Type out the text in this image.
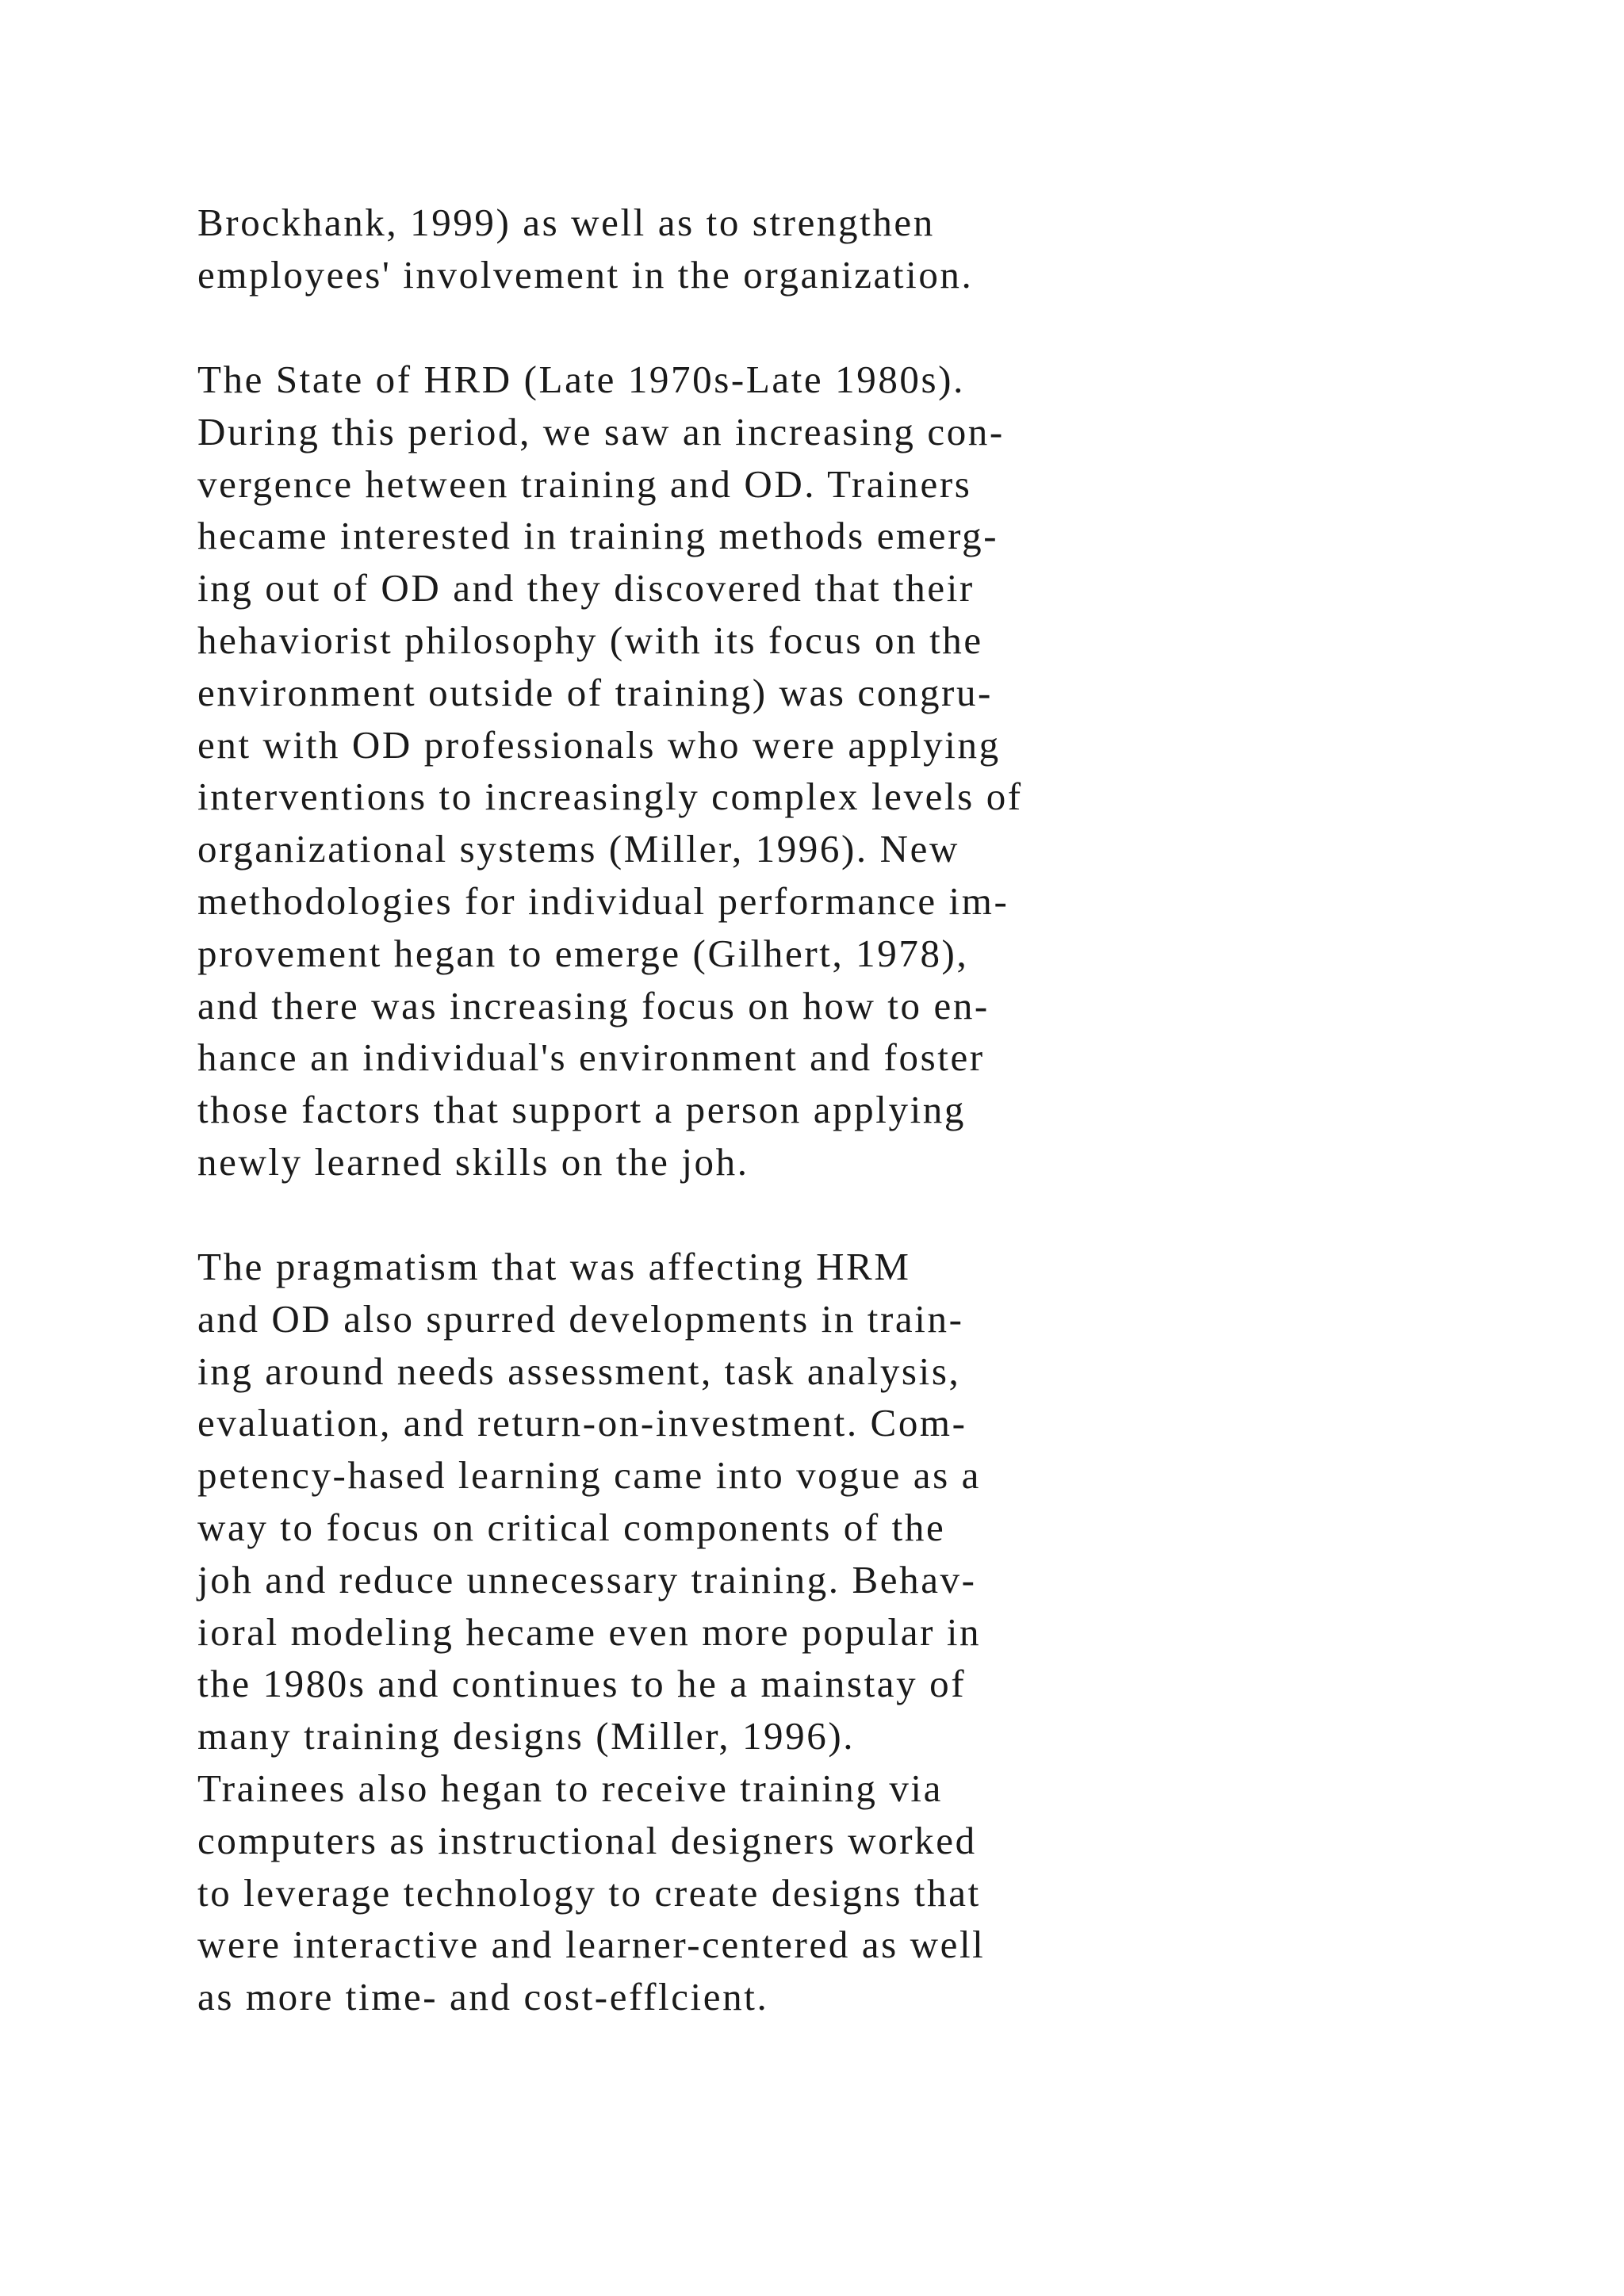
Brockhank, 1999) as well as to strengthen
employees' involvement in the organization.
The State of HRD (Late 1970s-Late 1980s).
During this period, we saw an increasing con-
vergence hetween training and OD. Trainers
hecame interested in training methods emerg-
ing out of OD and they discovered that their
hehaviorist philosophy (with its focus on the
environment outside of training) was congru-
ent with OD professionals who were applying
interventions to increasingly complex levels of
organizational systems (Miller, 1996). New
methodologies for individual performance im-
provement hegan to emerge (Gilhert, 1978),
and there was increasing focus on how to en-
hance an individual's environment and foster
those factors that support a person applying
newly learned skills on the joh.
The pragmatism that was affecting HRM
and OD also spurred developments in train-
ing around needs assessment, task analysis,
evaluation, and return-on-investment. Com-
petency-hased learning came into vogue as a
way to focus on critical components of the
joh and reduce unnecessary training. Behav-
ioral modeling hecame even more popular in
the 1980s and continues to he a mainstay of
many training designs (Miller, 1996).
Trainees also hegan to receive training via
computers as instructional designers worked
to leverage technology to create designs that
were interactive and learner-centered as well
as more time- and cost-efflcient.
